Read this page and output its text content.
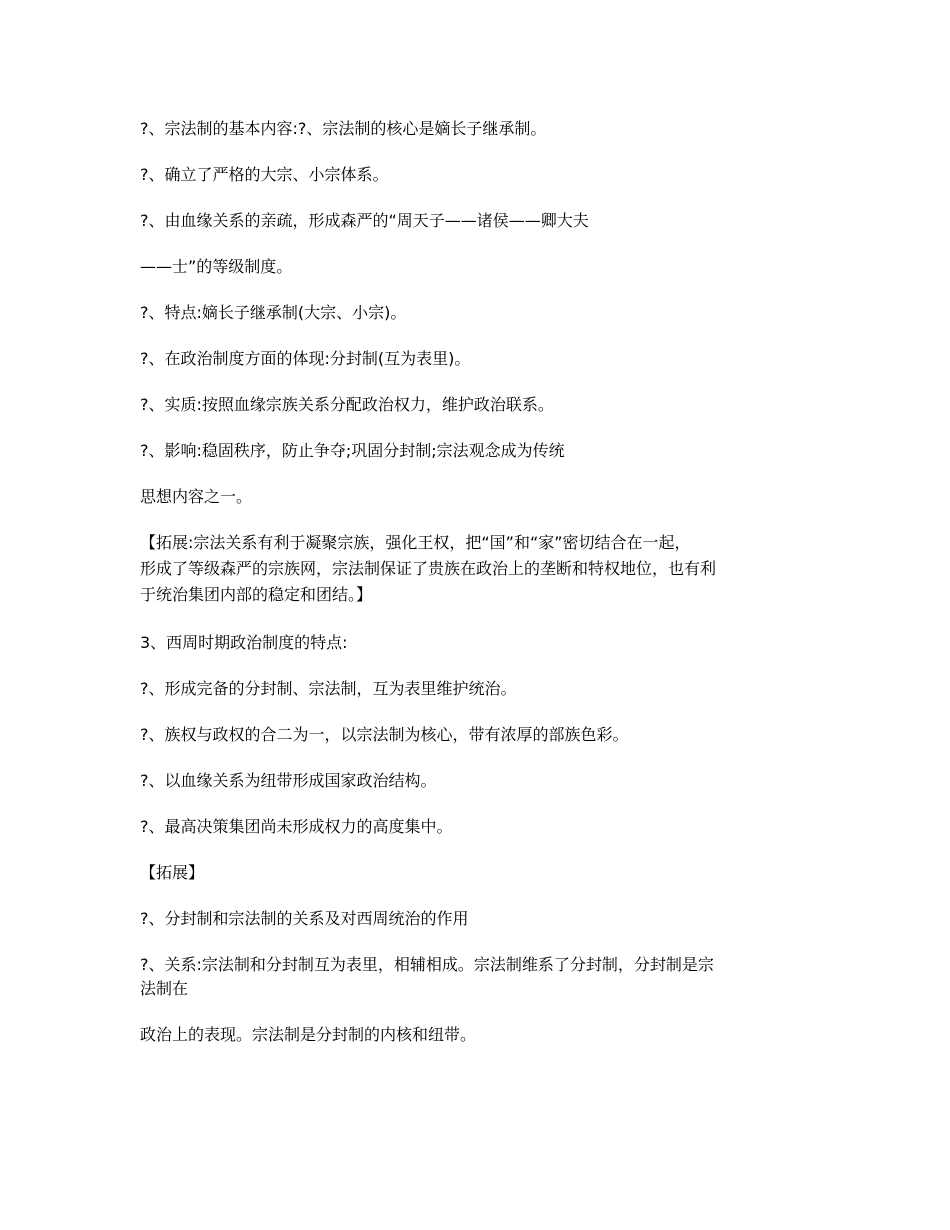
?、宗法制的基本内容:?、宗法制的核心是嫡长子继承制。
?、确立了严格的大宗、小宗体系。
?、由血缘关系的亲疏，形成森严的“周天子——诸侯——卿大夫
——士”的等级制度。
?、特点:嫡长子继承制(大宗、小宗)。
?、在政治制度方面的体现:分封制(互为表里)。
?、实质:按照血缘宗族关系分配政治权力，维护政治联系。
?、影响:稳固秩序，防止争夺;巩固分封制;宗法观念成为传统
思想内容之一。
【拓展:宗法关系有利于凝聚宗族，强化王权，把“国”和“家”密切结合在一起，
形成了等级森严的宗族网，宗法制保证了贵族在政治上的垄断和特权地位，也有利
于统治集团内部的稳定和团结。】
3、西周时期政治制度的特点:
?、形成完备的分封制、宗法制，互为表里维护统治。
?、族权与政权的合二为一，以宗法制为核心，带有浓厚的部族色彩。
?、以血缘关系为纽带形成国家政治结构。
?、最高决策集团尚未形成权力的高度集中。
【拓展】
?、分封制和宗法制的关系及对西周统治的作用
?、关系:宗法制和分封制互为表里，相辅相成。宗法制维系了分封制，分封制是宗
法制在
政治上的表现。宗法制是分封制的内核和纽带。
